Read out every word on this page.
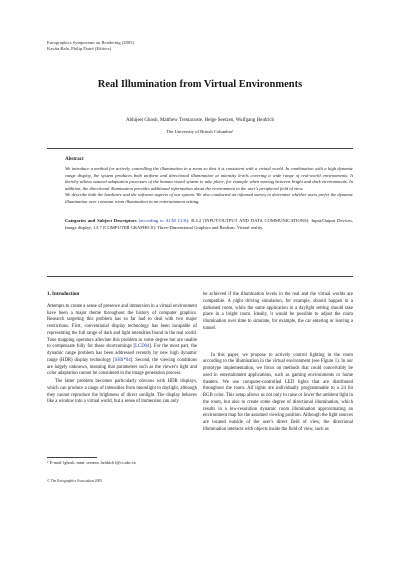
Eurographics Symposium on Rendering (2005)
Kavita Bala, Philip Dutré (Editors)
Real Illumination from Virtual Environments
Abhijeet Ghosh, Matthew Trentacoste, Helge Seetzen, Wolfgang Heidrich
The University of British Columbia†
Abstract

We introduce a method for actively controlling the illumination in a room so that it is consistent with a virtual world. In combination with a high dynamic range display, the system produces both uniform and directional illumination at intensity levels covering a wide range of real-world environments. It thereby allows natural adaptation processes of the human visual system to take place, for example when moving between bright and dark environments. In addition, the directional illumination provides additional information about the environment in the user's peripheral field of view.

We describe both the hardware and the software aspects of our system. We also conducted an informal survey to determine whether users prefer the dynamic illumination over constant room illumination in an entertainment setting.

Categories and Subject Descriptors (according to ACM CCS): B.4.2 [INPUT/OUTPUT AND DATA COMMUNICATIONS]: Input/Output Devices, Image display; I.3.7 [COMPUTER GRAPHICS]: Three-Dimensional Graphics and Realism, Virtual reality.
1. Introduction

Attempts to create a sense of presence and immersion in a virtual environment have been a major theme throughout the history of computer graphics. Research targeting this problem has so far had to deal with two major restrictions. First, conventional display technology has been incapable of representing the full range of dark and light intensities found in the real world. Tone mapping operators alleviate this problem to some degree but are unable to compensate fully for these shortcomings [LCD04]. For the most part, the dynamic range problem has been addressed recently by new high dynamic range (HDR) display technology [SHS*04]. Second, the viewing conditions are largely unknown, meaning that parameters such as the viewer's light and color adaptation cannot be considered in the image generation process.

The latter problem becomes particularly obvious with HDR displays, which can produce a range of intensities from moonlight to daylight, although they cannot reproduce the brightness of direct sunlight. The display behaves like a window into a virtual world, but a sense of immersion can only

be achieved if the illumination levels in the real and the virtual worlds are compatible. A night driving simulation, for example, should happen in a darkened room, while the same application in a daylight setting should take place in a bright room. Ideally, it would be possible to adjust the room illumination over time to simulate, for example, the car entering or leaving a tunnel.

In this paper, we propose to actively control lighting in the room according to the illumination in the virtual environment (see Figure 1). In our prototype implementation, we focus on methods that could conceivably be used in entertainment applications, such as gaming environments or home theaters. We use computer-controlled LED lights that are distributed throughout the room. All lights are individually programmable to a 24 bit RGB color. This setup allows us not only to raise or lower the ambient light in the room, but also to create some degree of directional illumination, which results in a low-resolution dynamic room illumination approximating an environment map for the assumed viewing position. Although the light sources are located outside of the user's direct field of view, the directional illumination interacts with objects inside the field of view, such as

† E-mail:{ghosh, mmt, seetzen, heidrich}@cs.ubc.ca
© The Eurographics Association 2005.
